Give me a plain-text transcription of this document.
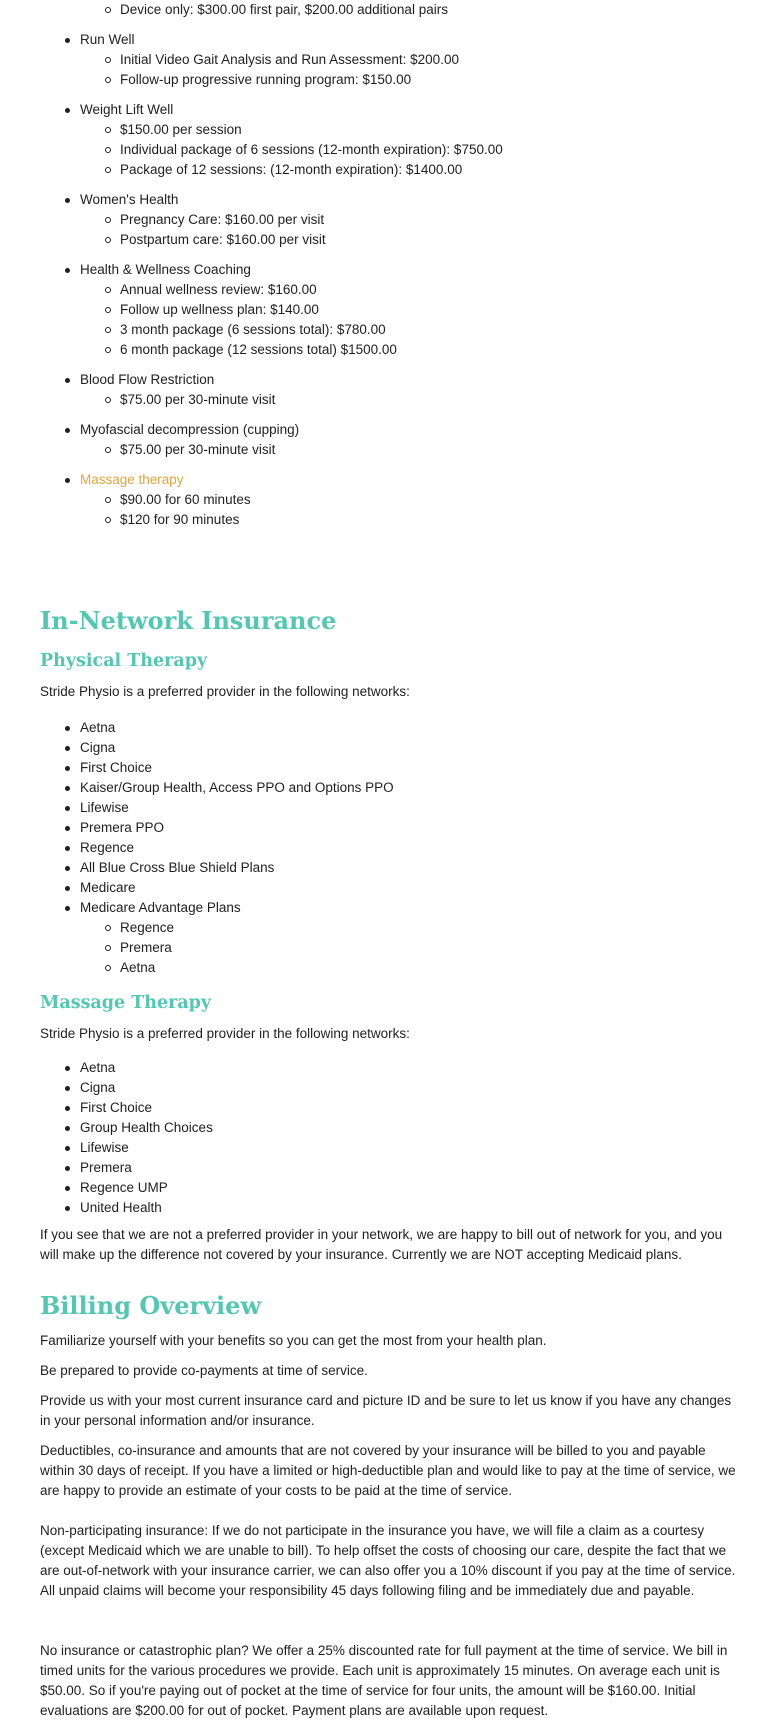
Device only: $300.00 first pair, $200.00 additional pairs
Run Well
Initial Video Gait Analysis and Run Assessment: $200.00
Follow-up progressive running program: $150.00
Weight Lift Well
$150.00 per session
Individual package of 6 sessions (12-month expiration): $750.00
Package of 12 sessions: (12-month expiration): $1400.00
Women's Health
Pregnancy Care: $160.00 per visit
Postpartum care: $160.00 per visit
Health & Wellness Coaching
Annual wellness review: $160.00
Follow up wellness plan: $140.00
3 month package (6 sessions total): $780.00
6 month package (12 sessions total) $1500.00
Blood Flow Restriction
$75.00 per 30-minute visit
Myofascial decompression (cupping)
$75.00 per 30-minute visit
Massage therapy
$90.00 for 60 minutes
$120 for 90 minutes
In-Network Insurance
Physical Therapy

Stride Physio is a preferred provider in the following networks:

Aetna
Cigna
First Choice
Kaiser/Group Health, Access PPO and Options PPO
Lifewise
Premera PPO
Regence
All Blue Cross Blue Shield Plans
Medicare
Medicare Advantage Plans
Regence
Premera
Aetna
Massage Therapy

Stride Physio is a preferred provider in the following networks:

Aetna
Cigna
First Choice
Group Health Choices
Lifewise
Premera
Regence UMP
United Health

If you see that we are not a preferred provider in your network, we are happy to bill out of network for you, and you will make up the difference not covered by your insurance. Currently we are NOT accepting Medicaid plans.

Billing Overview

Familiarize yourself with your benefits so you can get the most from your health plan.

Be prepared to provide co-payments at time of service.

Provide us with your most current insurance card and picture ID and be sure to let us know if you have any changes in your personal information and/or insurance.

Deductibles, co-insurance and amounts that are not covered by your insurance will be billed to you and payable within 30 days of receipt. If you have a limited or high-deductible plan and would like to pay at the time of service, we are happy to provide an estimate of your costs to be paid at the time of service.

Non-participating insurance: If we do not participate in the insurance you have, we will file a claim as a courtesy (except Medicaid which we are unable to bill). To help offset the costs of choosing our care, despite the fact that we are out-of-network with your insurance carrier, we can also offer you a 10% discount if you pay at the time of service. All unpaid claims will become your responsibility 45 days following filing and be immediately due and payable.

No insurance or catastrophic plan? We offer a 25% discounted rate for full payment at the time of service. We bill in timed units for the various procedures we provide. Each unit is approximately 15 minutes. On average each unit is $50.00. So if you're paying out of pocket at the time of service for four units, the amount will be $160.00. Initial evaluations are $200.00 for out of pocket. Payment plans are available upon request.
